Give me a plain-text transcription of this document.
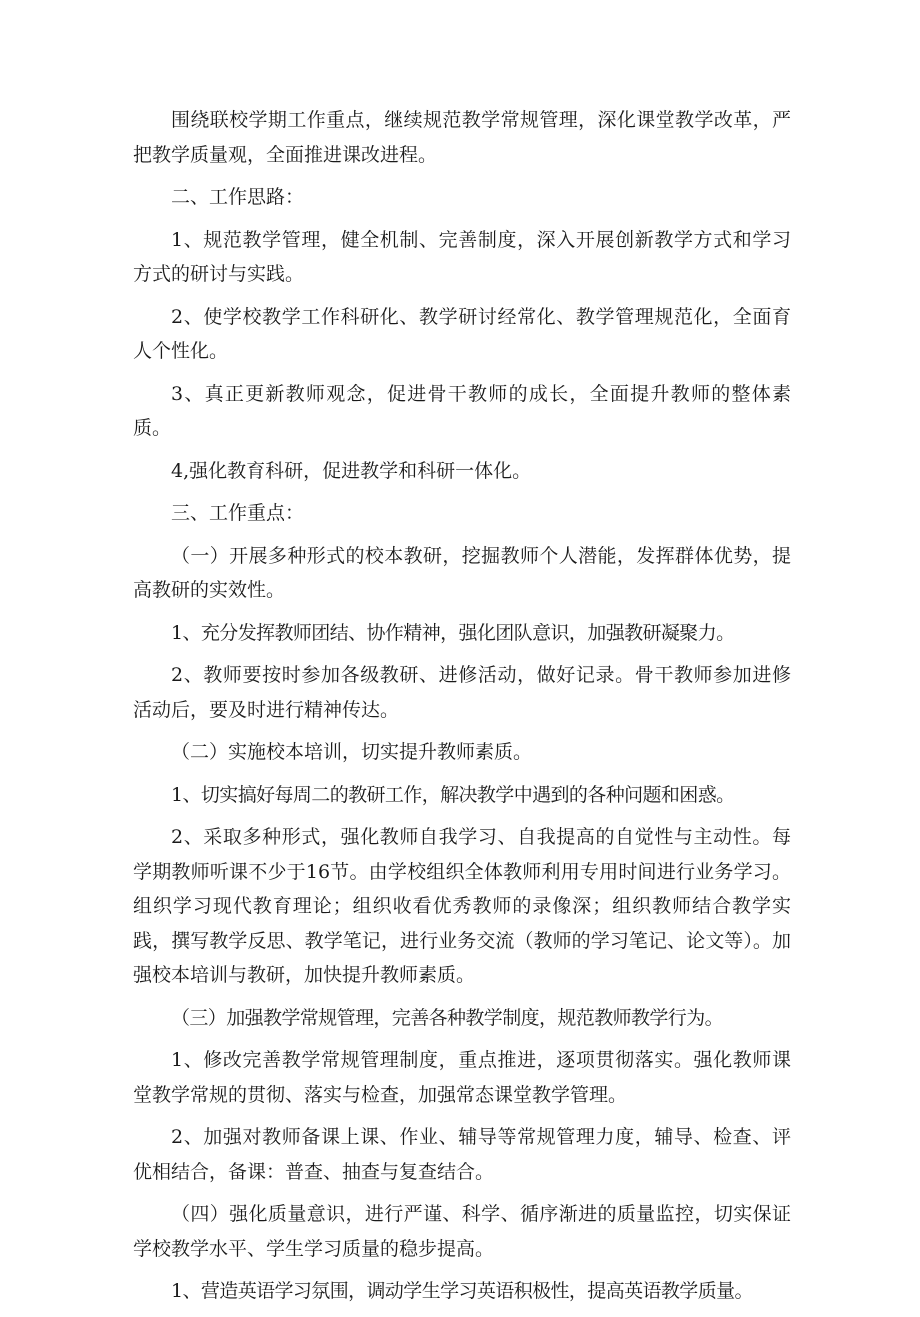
围绕联校学期工作重点，继续规范教学常规管理，深化课堂教学改革，严把教学质量观，全面推进课改进程。

二、工作思路：

1、规范教学管理，健全机制、完善制度，深入开展创新教学方式和学习方式的研讨与实践。

2、使学校教学工作科研化、教学研讨经常化、教学管理规范化，全面育人个性化。

3、真正更新教师观念，促进骨干教师的成长，全面提升教师的整体素质。

4,强化教育科研，促进教学和科研一体化。

三、工作重点：

（一）开展多种形式的校本教研，挖掘教师个人潜能，发挥群体优势，提高教研的实效性。

1、充分发挥教师团结、协作精神，强化团队意识，加强教研凝聚力。

2、教师要按时参加各级教研、进修活动，做好记录。骨干教师参加进修活动后，要及时进行精神传达。

（二）实施校本培训，切实提升教师素质。

1、切实搞好每周二的教研工作，解决教学中遇到的各种问题和困惑。

2、采取多种形式，强化教师自我学习、自我提高的自觉性与主动性。每学期教师听课不少于16节。由学校组织全体教师利用专用时间进行业务学习。组织学习现代教育理论；组织收看优秀教师的录像深；组织教师结合教学实践，撰写教学反思、教学笔记，进行业务交流（教师的学习笔记、论文等）。加强校本培训与教研，加快提升教师素质。

（三）加强教学常规管理，完善各种教学制度，规范教师教学行为。

1、修改完善教学常规管理制度，重点推进，逐项贯彻落实。强化教师课堂教学常规的贯彻、落实与检查，加强常态课堂教学管理。

2、加强对教师备课上课、作业、辅导等常规管理力度，辅导、检查、评优相结合，备课：普查、抽查与复查结合。

（四）强化质量意识，进行严谨、科学、循序渐进的质量监控，切实保证学校教学水平、学生学习质量的稳步提高。

1、营造英语学习氛围，调动学生学习英语积极性，提高英语教学质量。
